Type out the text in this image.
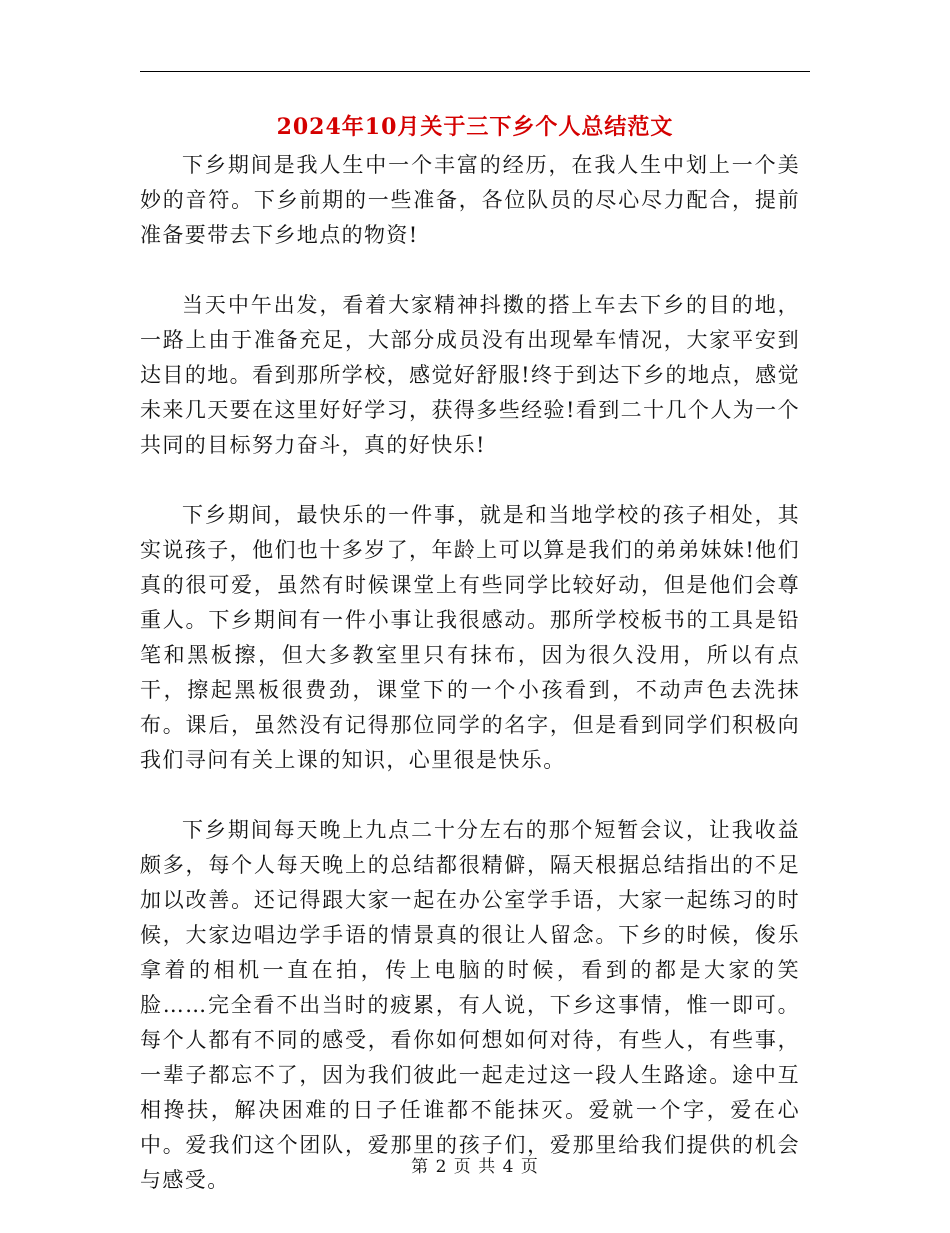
2024年10月关于三下乡个人总结范文

下乡期间是我人生中一个丰富的经历，在我人生中划上一个美妙的音符。下乡前期的一些准备，各位队员的尽心尽力配合，提前准备要带去下乡地点的物资!

当天中午出发，看着大家精神抖擞的搭上车去下乡的目的地，一路上由于准备充足，大部分成员没有出现晕车情况，大家平安到达目的地。看到那所学校，感觉好舒服!终于到达下乡的地点，感觉未来几天要在这里好好学习，获得多些经验!看到二十几个人为一个共同的目标努力奋斗，真的好快乐!

下乡期间，最快乐的一件事，就是和当地学校的孩子相处，其实说孩子，他们也十多岁了，年龄上可以算是我们的弟弟妹妹!他们真的很可爱，虽然有时候课堂上有些同学比较好动，但是他们会尊重人。下乡期间有一件小事让我很感动。那所学校板书的工具是铅笔和黑板擦，但大多教室里只有抹布，因为很久没用，所以有点干，擦起黑板很费劲，课堂下的一个小孩看到，不动声色去洗抹布。课后，虽然没有记得那位同学的名字，但是看到同学们积极向我们寻问有关上课的知识，心里很是快乐。

下乡期间每天晚上九点二十分左右的那个短暂会议，让我收益颇多，每个人每天晚上的总结都很精僻，隔天根据总结指出的不足加以改善。还记得跟大家一起在办公室学手语，大家一起练习的时候，大家边唱边学手语的情景真的很让人留念。下乡的时候，俊乐拿着的相机一直在拍，传上电脑的时候，看到的都是大家的笑脸……完全看不出当时的疲累，有人说，下乡这事情，惟一即可。每个人都有不同的感受，看你如何想如何对待，有些人，有些事，一辈子都忘不了，因为我们彼此一起走过这一段人生路途。途中互相搀扶，解决困难的日子任谁都不能抹灭。爱就一个字，爱在心中。爱我们这个团队，爱那里的孩子们，爱那里给我们提供的机会与感受。

第 2 页 共 4 页
